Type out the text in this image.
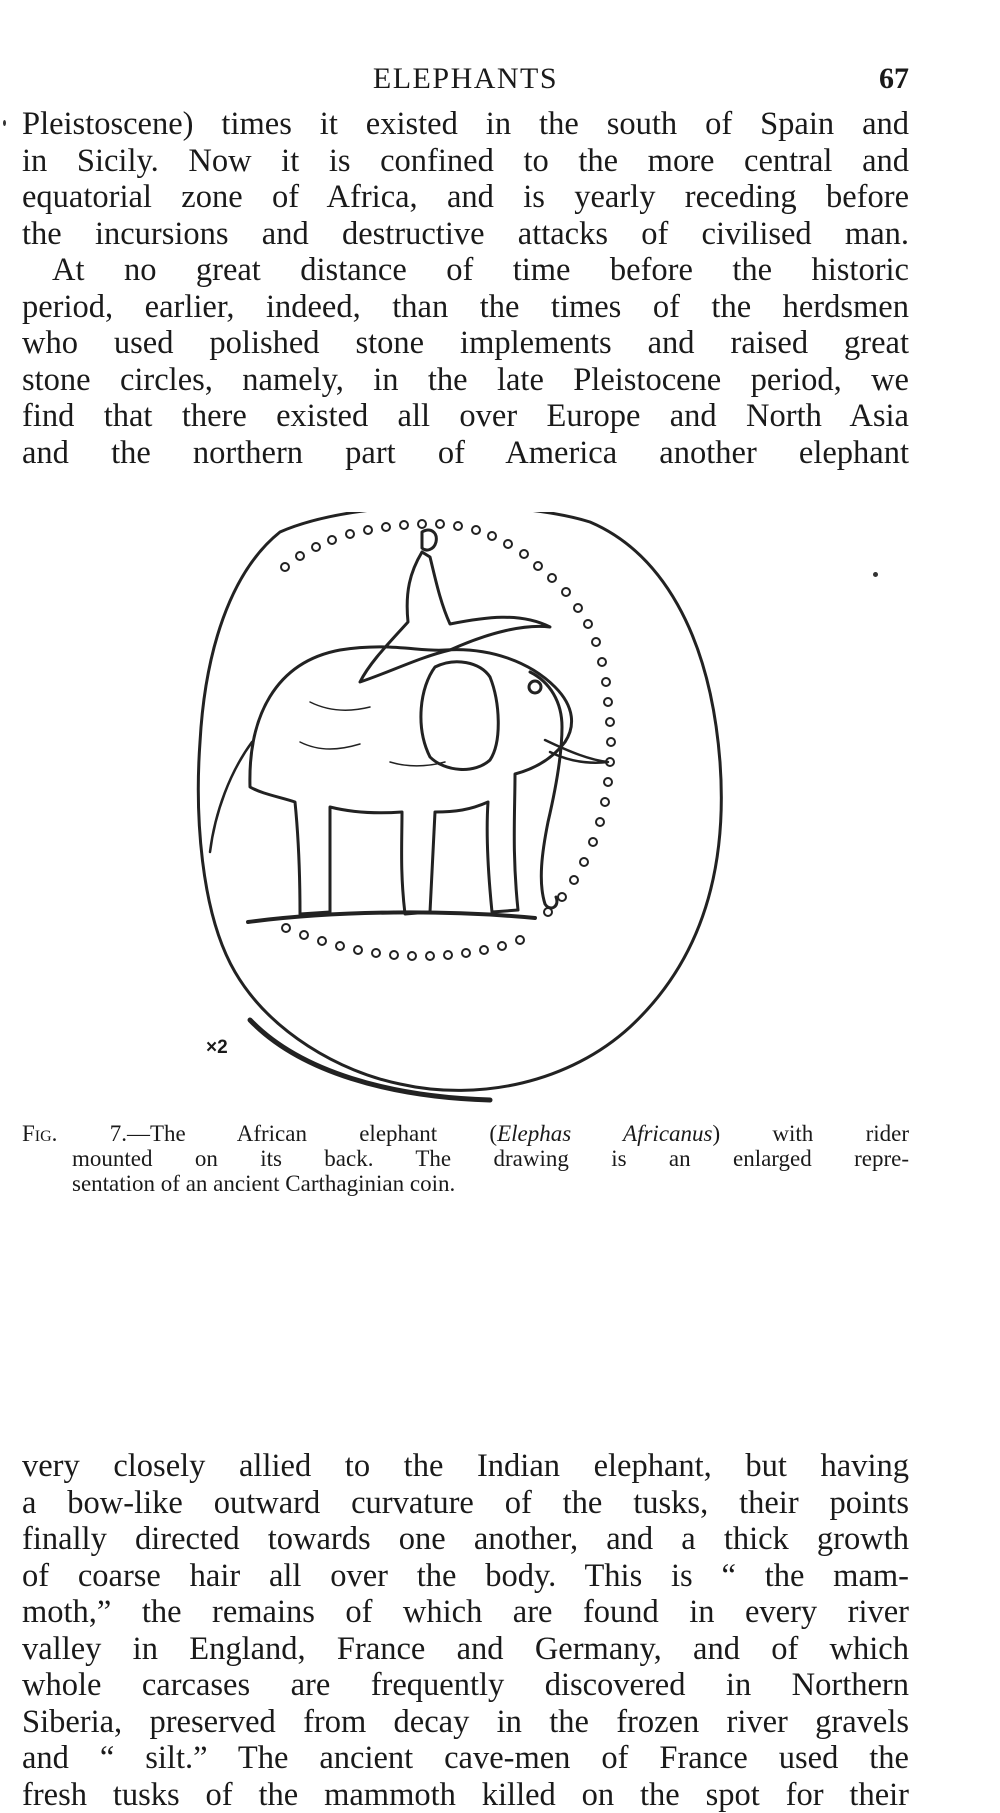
ELEPHANTS	67
Pleistoscene) times it existed in the south of Spain and
in Sicily. Now it is confined to the more central and
equatorial zone of Africa, and is yearly receding before
the incursions and destructive attacks of civilised man.
At no great distance of time before the historic
period, earlier, indeed, than the times of the herdsmen
who used polished stone implements and raised great
stone circles, namely, in the late Pleistocene period, we
find that there existed all over Europe and North Asia
and the northern part of America another elephant
×2
Fig. 7.—The African elephant (Elephas Africanus) with rider
mounted on its back. The drawing is an enlarged repre-
sentation of an ancient Carthaginian coin.
very closely allied to the Indian elephant, but having
a bow-like outward curvature of the tusks, their points
finally directed towards one another, and a thick growth
of coarse hair all over the body. This is “ the mam-
moth,” the remains of which are found in every river
valley in England, France and Germany, and of which
whole carcases are frequently discovered in Northern
Siberia, preserved from decay in the frozen river gravels
and “ silt.” The ancient cave-men of France used the
fresh tusks of the mammoth killed on the spot for their
